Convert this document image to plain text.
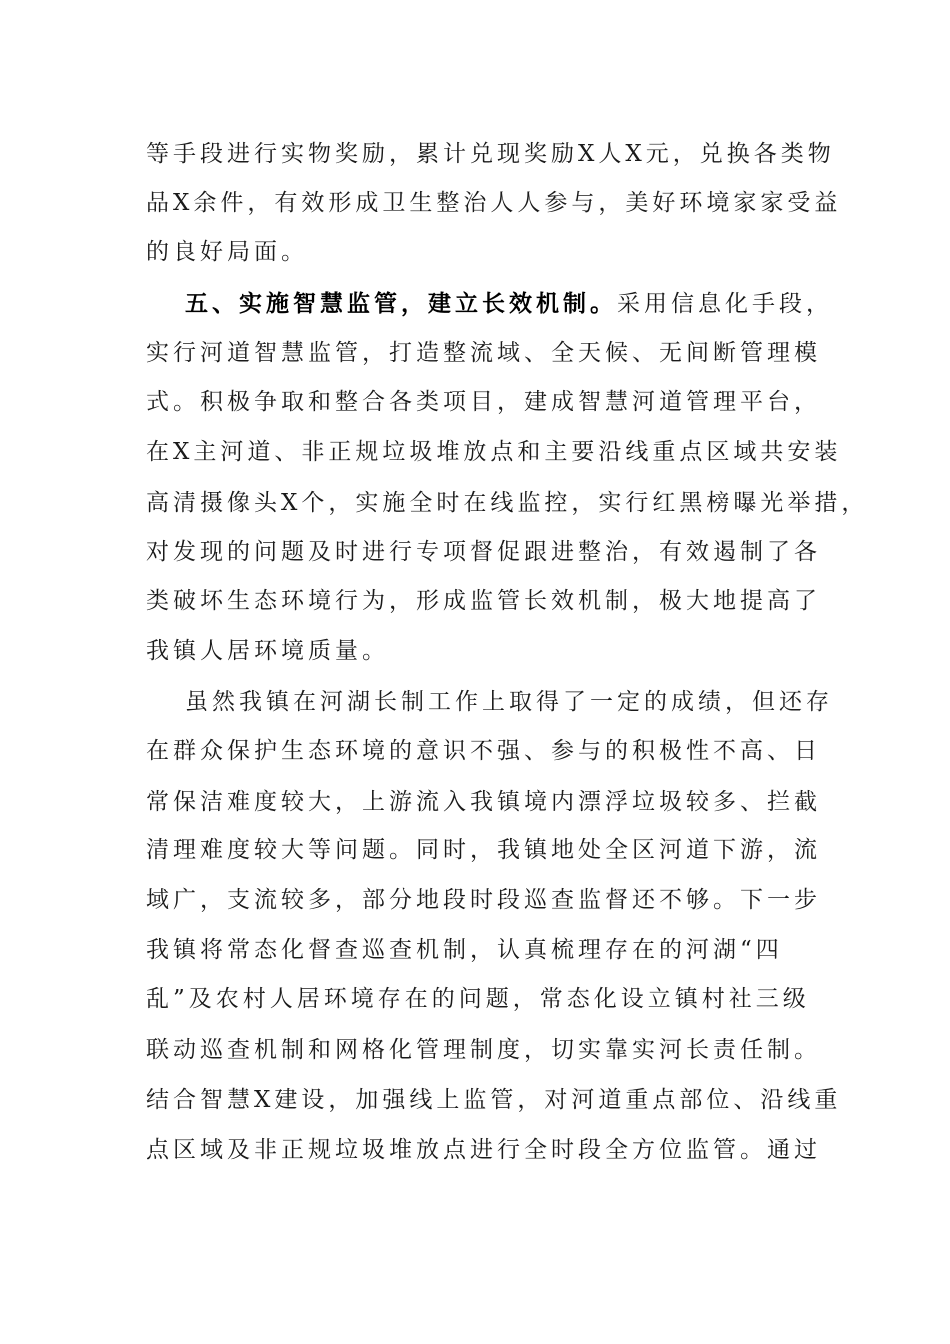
等手段进行实物奖励，累计兑现奖励X人X元，兑换各类物
品X余件，有效形成卫生整治人人参与，美好环境家家受益
的良好局面。
五、实施智慧监管，建立长效机制。采用信息化手段，
实行河道智慧监管，打造整流域、全天候、无间断管理模
式。积极争取和整合各类项目，建成智慧河道管理平台，
在X主河道、非正规垃圾堆放点和主要沿线重点区域共安装
高清摄像头X个，实施全时在线监控，实行红黑榜曝光举措，
对发现的问题及时进行专项督促跟进整治，有效遏制了各
类破坏生态环境行为，形成监管长效机制，极大地提高了
我镇人居环境质量。
虽然我镇在河湖长制工作上取得了一定的成绩，但还存
在群众保护生态环境的意识不强、参与的积极性不高、日
常保洁难度较大，上游流入我镇境内漂浮垃圾较多、拦截
清理难度较大等问题。同时，我镇地处全区河道下游，流
域广，支流较多，部分地段时段巡查监督还不够。下一步
我镇将常态化督查巡查机制，认真梳理存在的河湖“四
乱”及农村人居环境存在的问题，常态化设立镇村社三级
联动巡查机制和网格化管理制度，切实靠实河长责任制。
结合智慧X建设，加强线上监管，对河道重点部位、沿线重
点区域及非正规垃圾堆放点进行全时段全方位监管。通过
